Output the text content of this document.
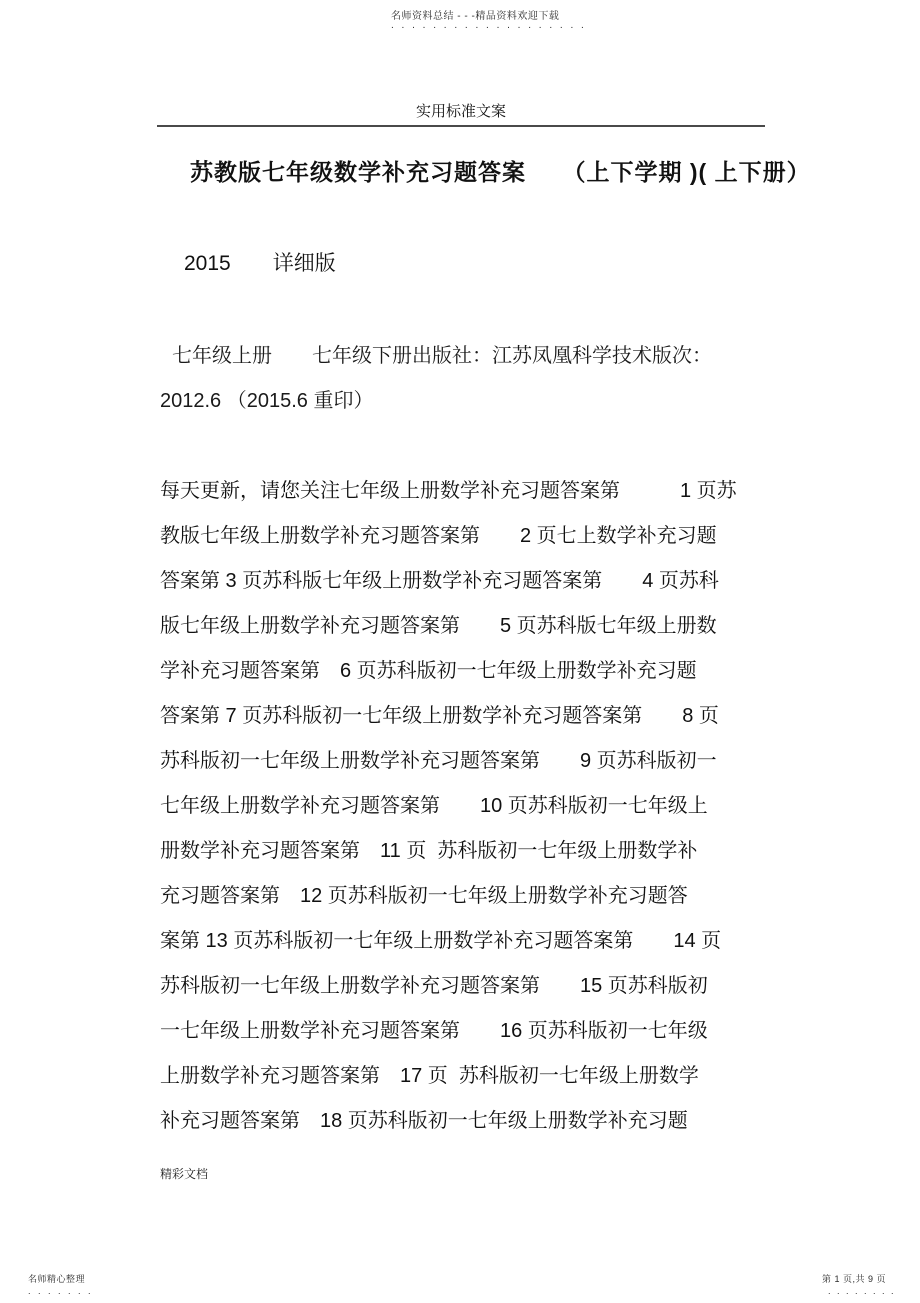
名师资料总结 - - -精品资料欢迎下载
. . . . . . . . . . . . . . . . . . .
实用标准文案
苏教版七年级数学补充习题答案　　（上下学期 )( 上下册）
2015　　详细版
七年级上册　　七年级下册出版社：江苏凤凰科学技术版次：
2012.6 （2015.6 重印）
每天更新，请您关注七年级上册数学补充习题答案第　　　1 页苏
教版七年级上册数学补充习题答案第　　2 页七上数学补充习题
答案第 3 页苏科版七年级上册数学补充习题答案第　　4 页苏科
版七年级上册数学补充习题答案第　　5 页苏科版七年级上册数
学补充习题答案第　6 页苏科版初一七年级上册数学补充习题
答案第 7 页苏科版初一七年级上册数学补充习题答案第　　8 页
苏科版初一七年级上册数学补充习题答案第　　9 页苏科版初一
七年级上册数学补充习题答案第　　10 页苏科版初一七年级上
册数学补充习题答案第　11 页  苏科版初一七年级上册数学补
充习题答案第　12 页苏科版初一七年级上册数学补充习题答
案第 13 页苏科版初一七年级上册数学补充习题答案第　　14 页
苏科版初一七年级上册数学补充习题答案第　　15 页苏科版初
一七年级上册数学补充习题答案第　　16 页苏科版初一七年级
上册数学补充习题答案第　17 页  苏科版初一七年级上册数学
补充习题答案第　18 页苏科版初一七年级上册数学补充习题
精彩文档
名师精心整理
. . . . . . .
第 1 页,共 9 页
. . . . . . . .
